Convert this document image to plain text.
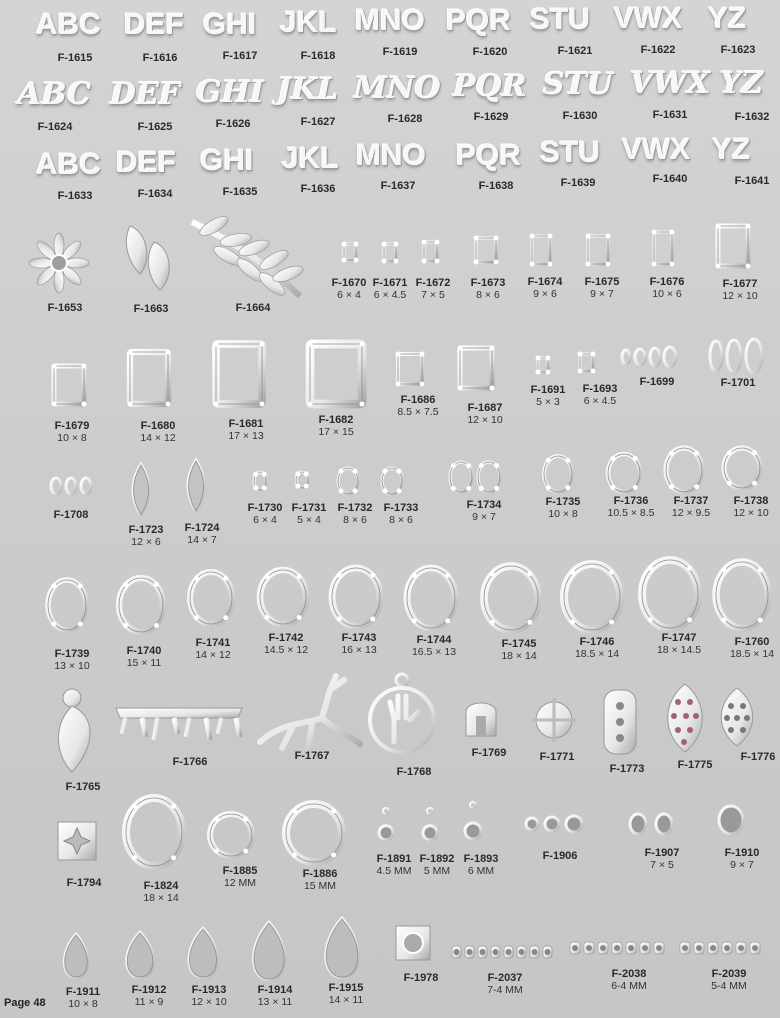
ABC DEF GHI JKL MNO PQR STU VWX YZ
ABC DEF GHI JKL MNO PQR STU VWX YZ
ABC DEF GHI JKL MNO PQR STU VWX YZ
F-1615	F-1616	F-1617	F-1618	F-1619	F-1620	F-1621	F-1622	F-1623
F-1624	F-1625	F-1626	F-1627	F-1628	F-1629	F-1630	F-1631	F-1632
F-1633	F-1634	F-1635	F-1636	F-1637	F-1638	F-1639	F-1640	F-1641
F-1653	F-1663	F-1664
F-1670
6 × 4
F-1671
6 × 4.5
F-1672
7 × 5
F-1673
8 × 6
F-1674
9 × 6
F-1675
9 × 7
F-1676
10 × 6
F-1677
12 × 10
F-1679
10 × 8
F-1680
14 × 12
F-1681
17 × 13
F-1682
17 × 15
F-1686
8.5 × 7.5	F-1687
12 × 10
F-1691
5 × 3
F-1693
6 × 4.5
F-1699	F-1701
F-1708
F-1723
12 × 6
F-1724
14 × 7
F-1730
6 × 4
F-1731
5 × 4
F-1732
8 × 6
F-1733
8 × 6
F-1734
9 × 7
F-1735
10 × 8
F-1736
10.5 × 8.5
F-1737
12 × 9.5
F-1738
12 × 10
F-1739
13 × 10
F-1740
15 × 11
F-1741
14 × 12
F-1742
14.5 × 12
F-1743
16 × 13
F-1744
16.5 × 13
F-1745
18 × 14
F-1746
18.5 × 14
F-1747
18 × 14.5
F-1760
18.5 × 14
F-1765
F-1766	F-1767
F-1768
F-1769	F-1771
F-1773	F-1775
F-1776
F-1794	F-1824
18 × 14
F-1885
12 MM
F-1886
15 MM
F-1891
4.5 MM
F-1892
5 MM
F-1893
6 MM
F-1906	F-1907
7 × 5
F-1910
9 × 7
F-1911
10 × 8
F-1912
11 × 9
F-1913
12 × 10
F-1914
13 × 11
F-1915
14 × 11
F-1978	F-2037
7-4 MM
F-2038
6-4 MM
F-2039
5-4 MM
Page 48
